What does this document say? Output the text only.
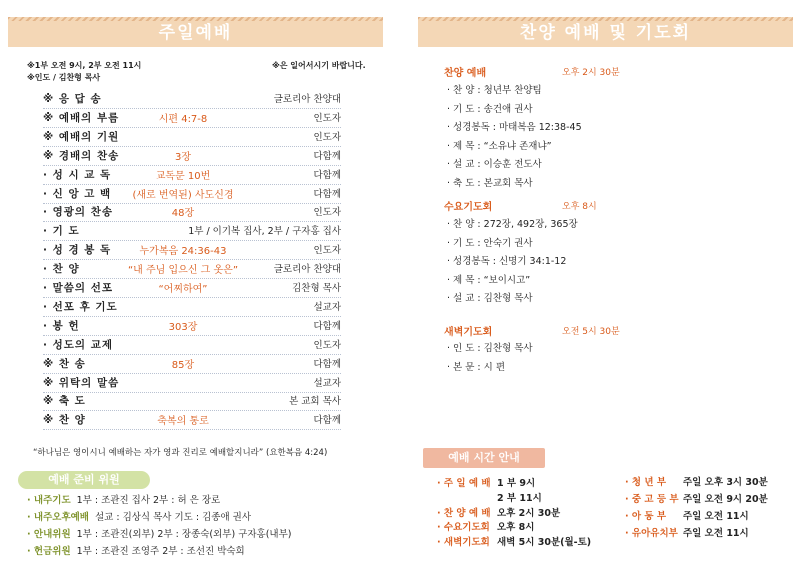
주일예배
※1부 오전 9시, 2부 오전 11시	※은 일어서시기 바랍니다.
※인도 / 김찬형 목사
※ 응 답 송	글로리아 찬양대
※ 예배의 부름	시편 4:7-8	인도자
※ 예배의 기원	인도자
※ 경배의 찬송	3장	다함께
· 성 시 교 독	교독문 10번	다함께
· 신 앙 고 백	(새로 번역된) 사도신경	다함께
· 영광의 찬송	48장	인도자
· 기 도	1부 / 이기복 집사, 2부 / 구자홍 집사
· 성 경 봉 독	누가복음 24:36-43	인도자
· 찬 양	“내 주님 입으신 그 옷은”	글로리아 찬양대
· 말씀의 선포	“어찌하여”	김찬형 목사
· 선포 후 기도	설교자
· 봉 헌	303장	다함께
· 성도의 교제	인도자
※ 찬 송	85장	다함께
※ 위탁의 말씀	설교자
※ 축 도	본 교회 목사
※ 찬 양	축복의 통로	다함께
“하나님은 영이시니 예배하는 자가 영과 진리로 예배할지니라” (요한복음 4:24)
예배 준비 위원
· 내주기도 1부 : 조관진 집사 2부 : 허 은 장로
· 내주오후예배 설교 : 김상식 목사 기도 : 김종애 권사
· 안내위원 1부 : 조관진(외부) 2부 : 장종숙(외부) 구자홍(내부)
· 헌금위원 1부 : 조관진 조영주 2부 : 조선진 박숙희
찬양 예배 및 기도회
찬양 예배	오후 2시 30분
· 찬 양 : 청년부 찬양팀
· 기 도 : 송건애 권사
· 성경봉독 : 마태복음 12:38-45
· 제 목 : “소유냐 존재냐”
· 설 교 : 이승훈 전도사
· 축 도 : 본교회 목사
수요기도회	오후 8시
· 찬 양 : 272장, 492장, 365장
· 기 도 : 안숙기 권사
· 성경봉독 : 신명기 34:1-12
· 제 목 : “보이시고”
· 설 교 : 김찬형 목사
새벽기도회	오전 5시 30분
· 인 도 : 김찬형 목사
· 본 문 : 시 편
예배 시간 안내
· 주 일 예 배 1 부 9시
2 부 11시
· 찬 양 예 배 오후 2시 30분
· 수요기도회 오후 8시
· 새벽기도회 새벽 5시 30분(월-토)
· 청 년 부 주일 오후 3시 30분
· 중 고 등 부 주일 오전 9시 20분
· 아 동 부 주일 오전 11시
· 유아유치부 주일 오전 11시
